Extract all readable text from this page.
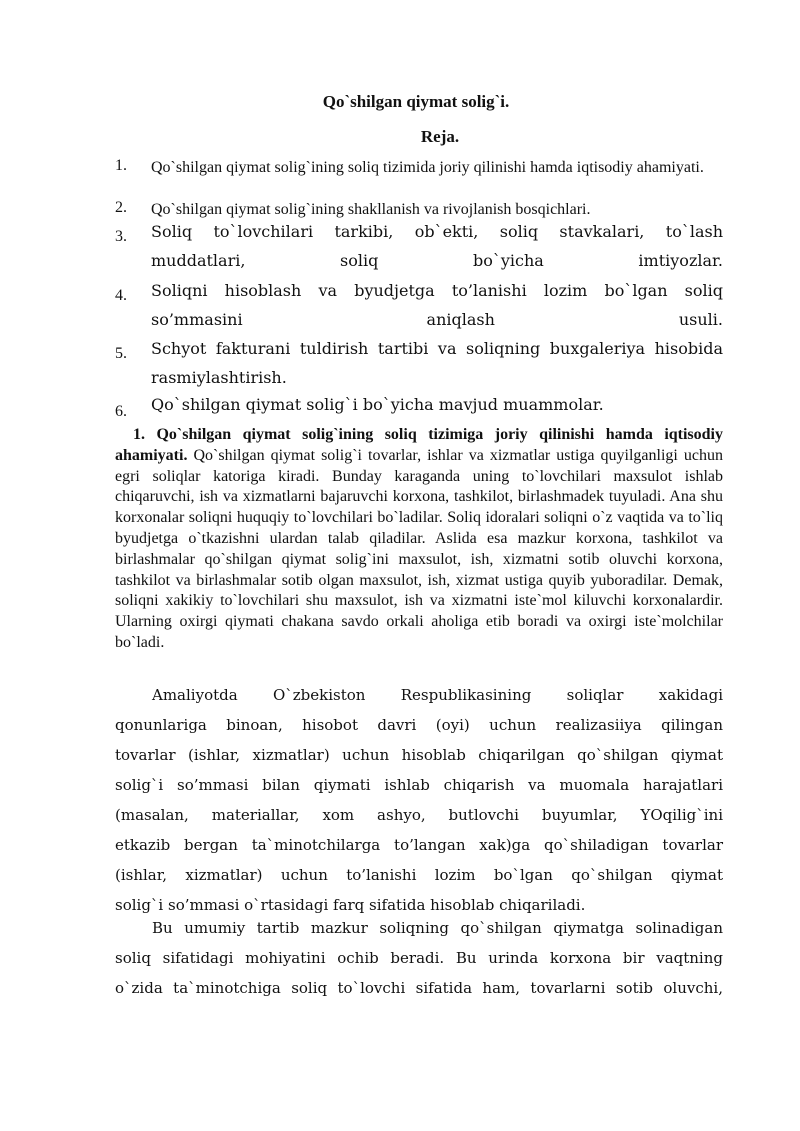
Qo`shilgan qiymat solig`i.
Reja.
1. Qo`shilgan qiymat solig`ining soliq tizimida joriy qilinishi hamda iqtisodiy ahamiyati.
2. Qo`shilgan qiymat solig`ining shakllanish va rivojlanish bosqichlari.
3. Soliq to`lovchilari tarkibi, ob`ekti, soliq stavkalari, to`lash muddatlari, soliq bo`yicha imtiyozlar.
4. Soliqni hisoblash va byudjetga to’lanishi lozim bo`lgan soliq so’mmasini aniqlash usuli.
5. Schyot fakturani tuldirish tartibi va soliqning buxgaleriya hisobida rasmiylashtirish.
6. Qo`shilgan qiymat solig`i bo`yicha mavjud muammolar.
1. Qo`shilgan qiymat solig`ining soliq tizimiga joriy qilinishi hamda iqtisodiy ahamiyati. Qo`shilgan qiymat solig`i tovarlar, ishlar va xizmatlar ustiga quyilganligi uchun egri soliqlar katoriga kiradi. Bunday karaganda uning to`lovchilari maxsulot ishlab chiqaruvchi, ish va xizmatlarni bajaruvchi korxona, tashkilot, birlashmadek tuyuladi. Ana shu korxonalar soliqni huquqiy to`lovchilari bo`ladilar. Soliq idoralari soliqni o`z vaqtida va to`liq byudjetga o`tkazishni ulardan talab qiladilar. Aslida esa mazkur korxona, tashkilot va birlashmalar qo`shilgan qiymat solig`ini maxsulot, ish, xizmatni sotib oluvchi korxona, tashkilot va birlashmalar sotib olgan maxsulot, ish, xizmat ustiga quyib yuboradilar. Demak, soliqni xakikiy to`lovchilari shu maxsulot, ish va xizmatni iste`mol kiluvchi korxonalardir. Ularning oxirgi qiymati chakana savdo orkali aholiga etib boradi va oxirgi iste`molchilar bo`ladi.
Amaliyotda O`zbekiston Respublikasining soliqlar xakidagi
qonunlariga binoan, hisobot davri (oyi) uchun realizasiiya qilingan
tovarlar (ishlar, xizmatlar) uchun hisoblab chiqarilgan qo`shilgan qiymat
solig`i so’mmasi bilan qiymati ishlab chiqarish va muomala harajatlari
(masalan, materiallar, xom ashyo, butlovchi buyumlar, YOqilig`ini
etkazib bergan ta`minotchilarga to’langan xak)ga qo`shiladigan tovarlar
(ishlar, xizmatlar) uchun to’lanishi lozim bo`lgan qo`shilgan qiymat
solig`i so’mmasi o`rtasidagi farq sifatida hisoblab chiqariladi.
Bu umumiy tartib mazkur soliqning qo`shilgan qiymatga solinadigan
soliq sifatidagi mohiyatini ochib beradi. Bu urinda korxona bir vaqtning
o`zida ta`minotchiga soliq to`lovchi sifatida ham, tovarlarni sotib oluvchi,
